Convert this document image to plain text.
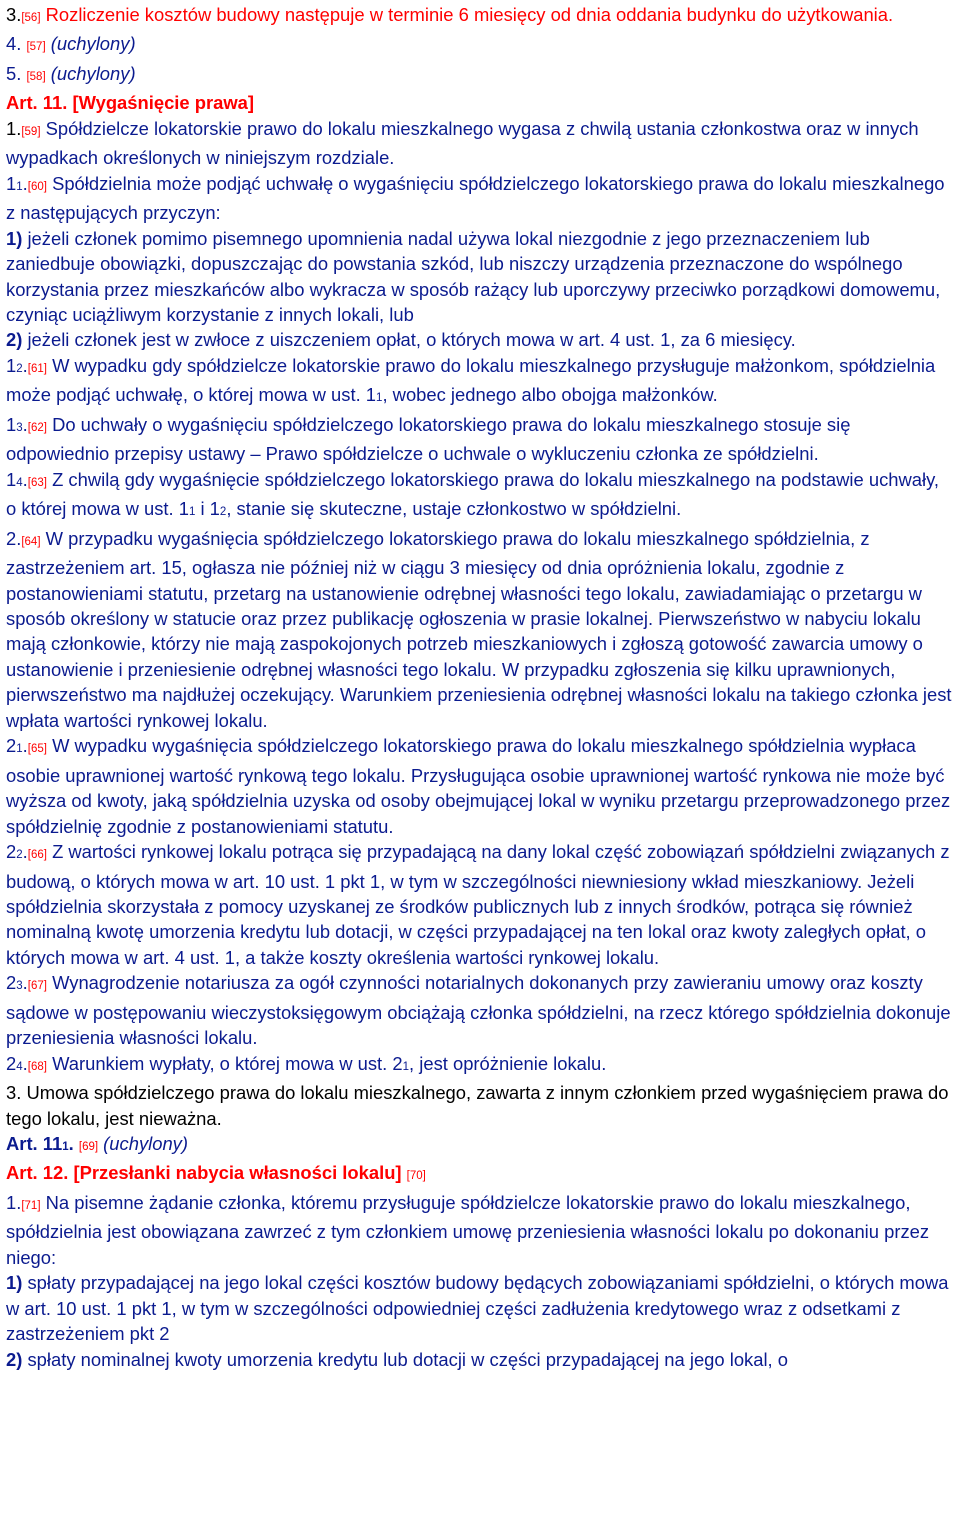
3.[56] Rozliczenie kosztów budowy następuje w terminie 6 miesięcy od dnia oddania budynku do użytkowania.

4. [57] (uchylony)

5. [58] (uchylony)

Art. 11. [Wygaśnięcie prawa]

1.[59] Spółdzielcze lokatorskie prawo do lokalu mieszkalnego wygasa z chwilą ustania członkostwa oraz w innych wypadkach określonych w niniejszym rozdziale.

11.[60] Spółdzielnia może podjąć uchwałę o wygaśnięciu spółdzielczego lokatorskiego prawa do lokalu mieszkalnego z następujących przyczyn:

1) jeżeli członek pomimo pisemnego upomnienia nadal używa lokal niezgodnie z jego przeznaczeniem lub zaniedbuje obowiązki, dopuszczając do powstania szkód, lub niszczy urządzenia przeznaczone do wspólnego korzystania przez mieszkańców albo wykracza w sposób rażący lub uporczywy przeciwko porządkowi domowemu, czyniąc uciążliwym korzystanie z innych lokali, lub

2) jeżeli członek jest w zwłoce z uiszczeniem opłat, o których mowa w art. 4 ust. 1, za 6 miesięcy.

12.[61] W wypadku gdy spółdzielcze lokatorskie prawo do lokalu mieszkalnego przysługuje małżonkom, spółdzielnia może podjąć uchwałę, o której mowa w ust. 11, wobec jednego albo obojga małżonków.

13.[62] Do uchwały o wygaśnięciu spółdzielczego lokatorskiego prawa do lokalu mieszkalnego stosuje się odpowiednio przepisy ustawy – Prawo spółdzielcze o uchwale o wykluczeniu członka ze spółdzielni.

14.[63] Z chwilą gdy wygaśnięcie spółdzielczego lokatorskiego prawa do lokalu mieszkalnego na podstawie uchwały, o której mowa w ust. 11 i 12, stanie się skuteczne, ustaje członkostwo w spółdzielni.

2.[64] W przypadku wygaśnięcia spółdzielczego lokatorskiego prawa do lokalu mieszkalnego spółdzielnia, z zastrzeżeniem art. 15, ogłasza nie później niż w ciągu 3 miesięcy od dnia opróżnienia lokalu, zgodnie z postanowieniami statutu, przetarg na ustanowienie odrębnej własności tego lokalu, zawiadamiając o przetargu w sposób określony w statucie oraz przez publikację ogłoszenia w prasie lokalnej. Pierwszeństwo w nabyciu lokalu mają członkowie, którzy nie mają zaspokojonych potrzeb mieszkaniowych i zgłoszą gotowość zawarcia umowy o ustanowienie i przeniesienie odrębnej własności tego lokalu. W przypadku zgłoszenia się kilku uprawnionych, pierwszeństwo ma najdłużej oczekujący. Warunkiem przeniesienia odrębnej własności lokalu na takiego członka jest wpłata wartości rynkowej lokalu.

21.[65] W wypadku wygaśnięcia spółdzielczego lokatorskiego prawa do lokalu mieszkalnego spółdzielnia wypłaca osobie uprawnionej wartość rynkową tego lokalu. Przysługująca osobie uprawnionej wartość rynkowa nie może być wyższa od kwoty, jaką spółdzielnia uzyska od osoby obejmującej lokal w wyniku przetargu przeprowadzonego przez spółdzielnię zgodnie z postanowieniami statutu.

22.[66] Z wartości rynkowej lokalu potrąca się przypadającą na dany lokal część zobowiązań spółdzielni związanych z budową, o których mowa w art. 10 ust. 1 pkt 1, w tym w szczególności niewniesiony wkład mieszkaniowy. Jeżeli spółdzielnia skorzystała z pomocy uzyskanej ze środków publicznych lub z innych środków, potrąca się również nominalną kwotę umorzenia kredytu lub dotacji, w części przypadającej na ten lokal oraz kwoty zaległych opłat, o których mowa w art. 4 ust. 1, a także koszty określenia wartości rynkowej lokalu.

23.[67] Wynagrodzenie notariusza za ogół czynności notarialnych dokonanych przy zawieraniu umowy oraz koszty sądowe w postępowaniu wieczystoksięgowym obciążają członka spółdzielni, na rzecz którego spółdzielnia dokonuje przeniesienia własności lokalu.

24.[68] Warunkiem wypłaty, o której mowa w ust. 21, jest opróżnienie lokalu.

3. Umowa spółdzielczego prawa do lokalu mieszkalnego, zawarta z innym członkiem przed wygaśnięciem prawa do tego lokalu, jest nieważna.

Art. 111. [69] (uchylony)

Art. 12. [Przesłanki nabycia własności lokalu] [70]

1.[71] Na pisemne żądanie członka, któremu przysługuje spółdzielcze lokatorskie prawo do lokalu mieszkalnego, spółdzielnia jest obowiązana zawrzeć z tym członkiem umowę przeniesienia własności lokalu po dokonaniu przez niego:

1) spłaty przypadającej na jego lokal części kosztów budowy będących zobowiązaniami spółdzielni, o których mowa w art. 10 ust. 1 pkt 1, w tym w szczególności odpowiedniej części zadłużenia kredytowego wraz z odsetkami z zastrzeżeniem pkt 2

2) spłaty nominalnej kwoty umorzenia kredytu lub dotacji w części przypadającej na jego lokal, o
